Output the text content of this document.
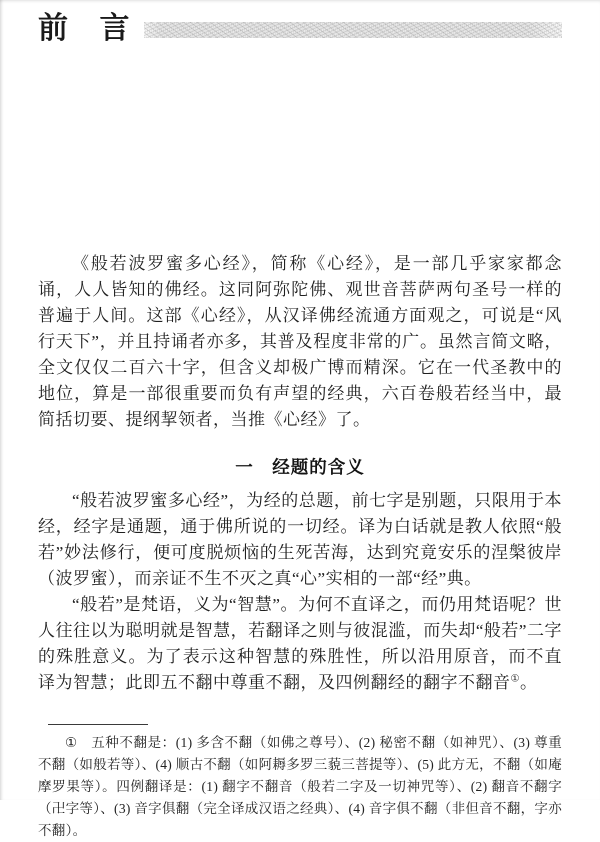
前 言

《般若波罗蜜多心经》，简称《心经》，是一部几乎家家都念诵，人人皆知的佛经。这同阿弥陀佛、观世音菩萨两句圣号一样的普遍于人间。这部《心经》，从汉译佛经流通方面观之，可说是“风行天下”，并且持诵者亦多，其普及程度非常的广。虽然言简文略，全文仅仅二百六十字，但含义却极广博而精深。它在一代圣教中的地位，算是一部很重要而负有声望的经典，六百卷般若经当中，最简括切要、提纲挈领者，当推《心经》了。

一　经题的含义

“般若波罗蜜多心经”，为经的总题，前七字是别题，只限用于本经，经字是通题，通于佛所说的一切经。译为白话就是教人依照“般若”妙法修行，便可度脱烦恼的生死苦海，达到究竟安乐的涅槃彼岸（波罗蜜），而亲证不生不灭之真“心”实相的一部“经”典。

“般若”是梵语，义为“智慧”。为何不直译之，而仍用梵语呢？世人往往以为聪明就是智慧，若翻译之则与彼混滥，而失却“般若”二字的殊胜意义。为了表示这种智慧的殊胜性，所以沿用原音，而不直译为智慧；此即五不翻中尊重不翻，及四例翻经的翻字不翻音①。

① 五种不翻是：(1) 多含不翻（如佛之尊号）、(2) 秘密不翻（如神咒）、(3) 尊重不翻（如般若等）、(4) 顺古不翻（如阿耨多罗三藐三菩提等）、(5) 此方无，不翻（如庵摩罗果等）。四例翻译是：(1) 翻字不翻音（般若二字及一切神咒等）、(2) 翻音不翻字（卍字等）、(3) 音字俱翻（完全译成汉语之经典）、(4) 音字俱不翻（非但音不翻，字亦不翻）。
